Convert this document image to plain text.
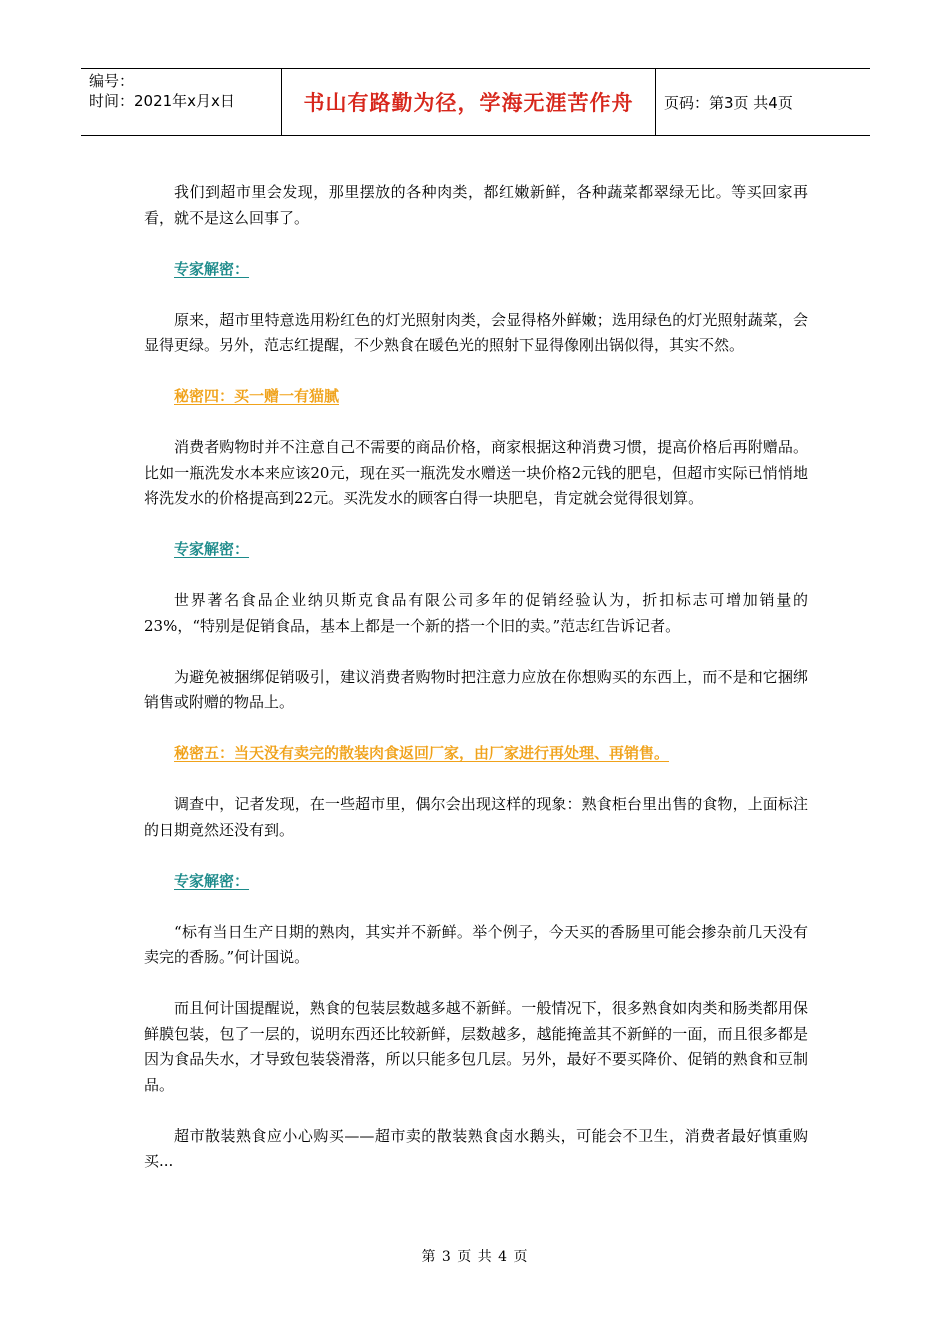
编号：
时间：2021年x月x日	书山有路勤为径，学海无涯苦作舟 页码：第3页 共4页

我们到超市里会发现，那里摆放的各种肉类，都红嫩新鲜，各种蔬菜都翠绿无比。等买回家再看，就不是这么回事了。

专家解密：

原来，超市里特意选用粉红色的灯光照射肉类，会显得格外鲜嫩；选用绿色的灯光照射蔬菜，会显得更绿。另外，范志红提醒，不少熟食在暖色光的照射下显得像刚出锅似得，其实不然。

秘密四：买一赠一有猫腻

消费者购物时并不注意自己不需要的商品价格，商家根据这种消费习惯，提高价格后再附赠品。比如一瓶洗发水本来应该20元，现在买一瓶洗发水赠送一块价格2元钱的肥皂，但超市实际已悄悄地将洗发水的价格提高到22元。买洗发水的顾客白得一块肥皂，肯定就会觉得很划算。

专家解密：

世界著名食品企业纳贝斯克食品有限公司多年的促销经验认为，折扣标志可增加销量的23%，“特别是促销食品，基本上都是一个新的搭一个旧的卖。”范志红告诉记者。

为避免被捆绑促销吸引，建议消费者购物时把注意力应放在你想购买的东西上，而不是和它捆绑销售或附赠的物品上。

秘密五：当天没有卖完的散装肉食返回厂家，由厂家进行再处理、再销售。

调查中，记者发现，在一些超市里，偶尔会出现这样的现象：熟食柜台里出售的食物，上面标注的日期竟然还没有到。

专家解密：

“标有当日生产日期的熟肉，其实并不新鲜。举个例子，今天买的香肠里可能会掺杂前几天没有卖完的香肠。”何计国说。

而且何计国提醒说，熟食的包装层数越多越不新鲜。一般情况下，很多熟食如肉类和肠类都用保鲜膜包装，包了一层的，说明东西还比较新鲜，层数越多，越能掩盖其不新鲜的一面，而且很多都是因为食品失水，才导致包装袋滑落，所以只能多包几层。另外，最好不要买降价、促销的熟食和豆制品。

超市散装熟食应小心购买——超市卖的散装熟食卤水鹅头，可能会不卫生，消费者最好慎重购买...

第 3 页 共 4 页
